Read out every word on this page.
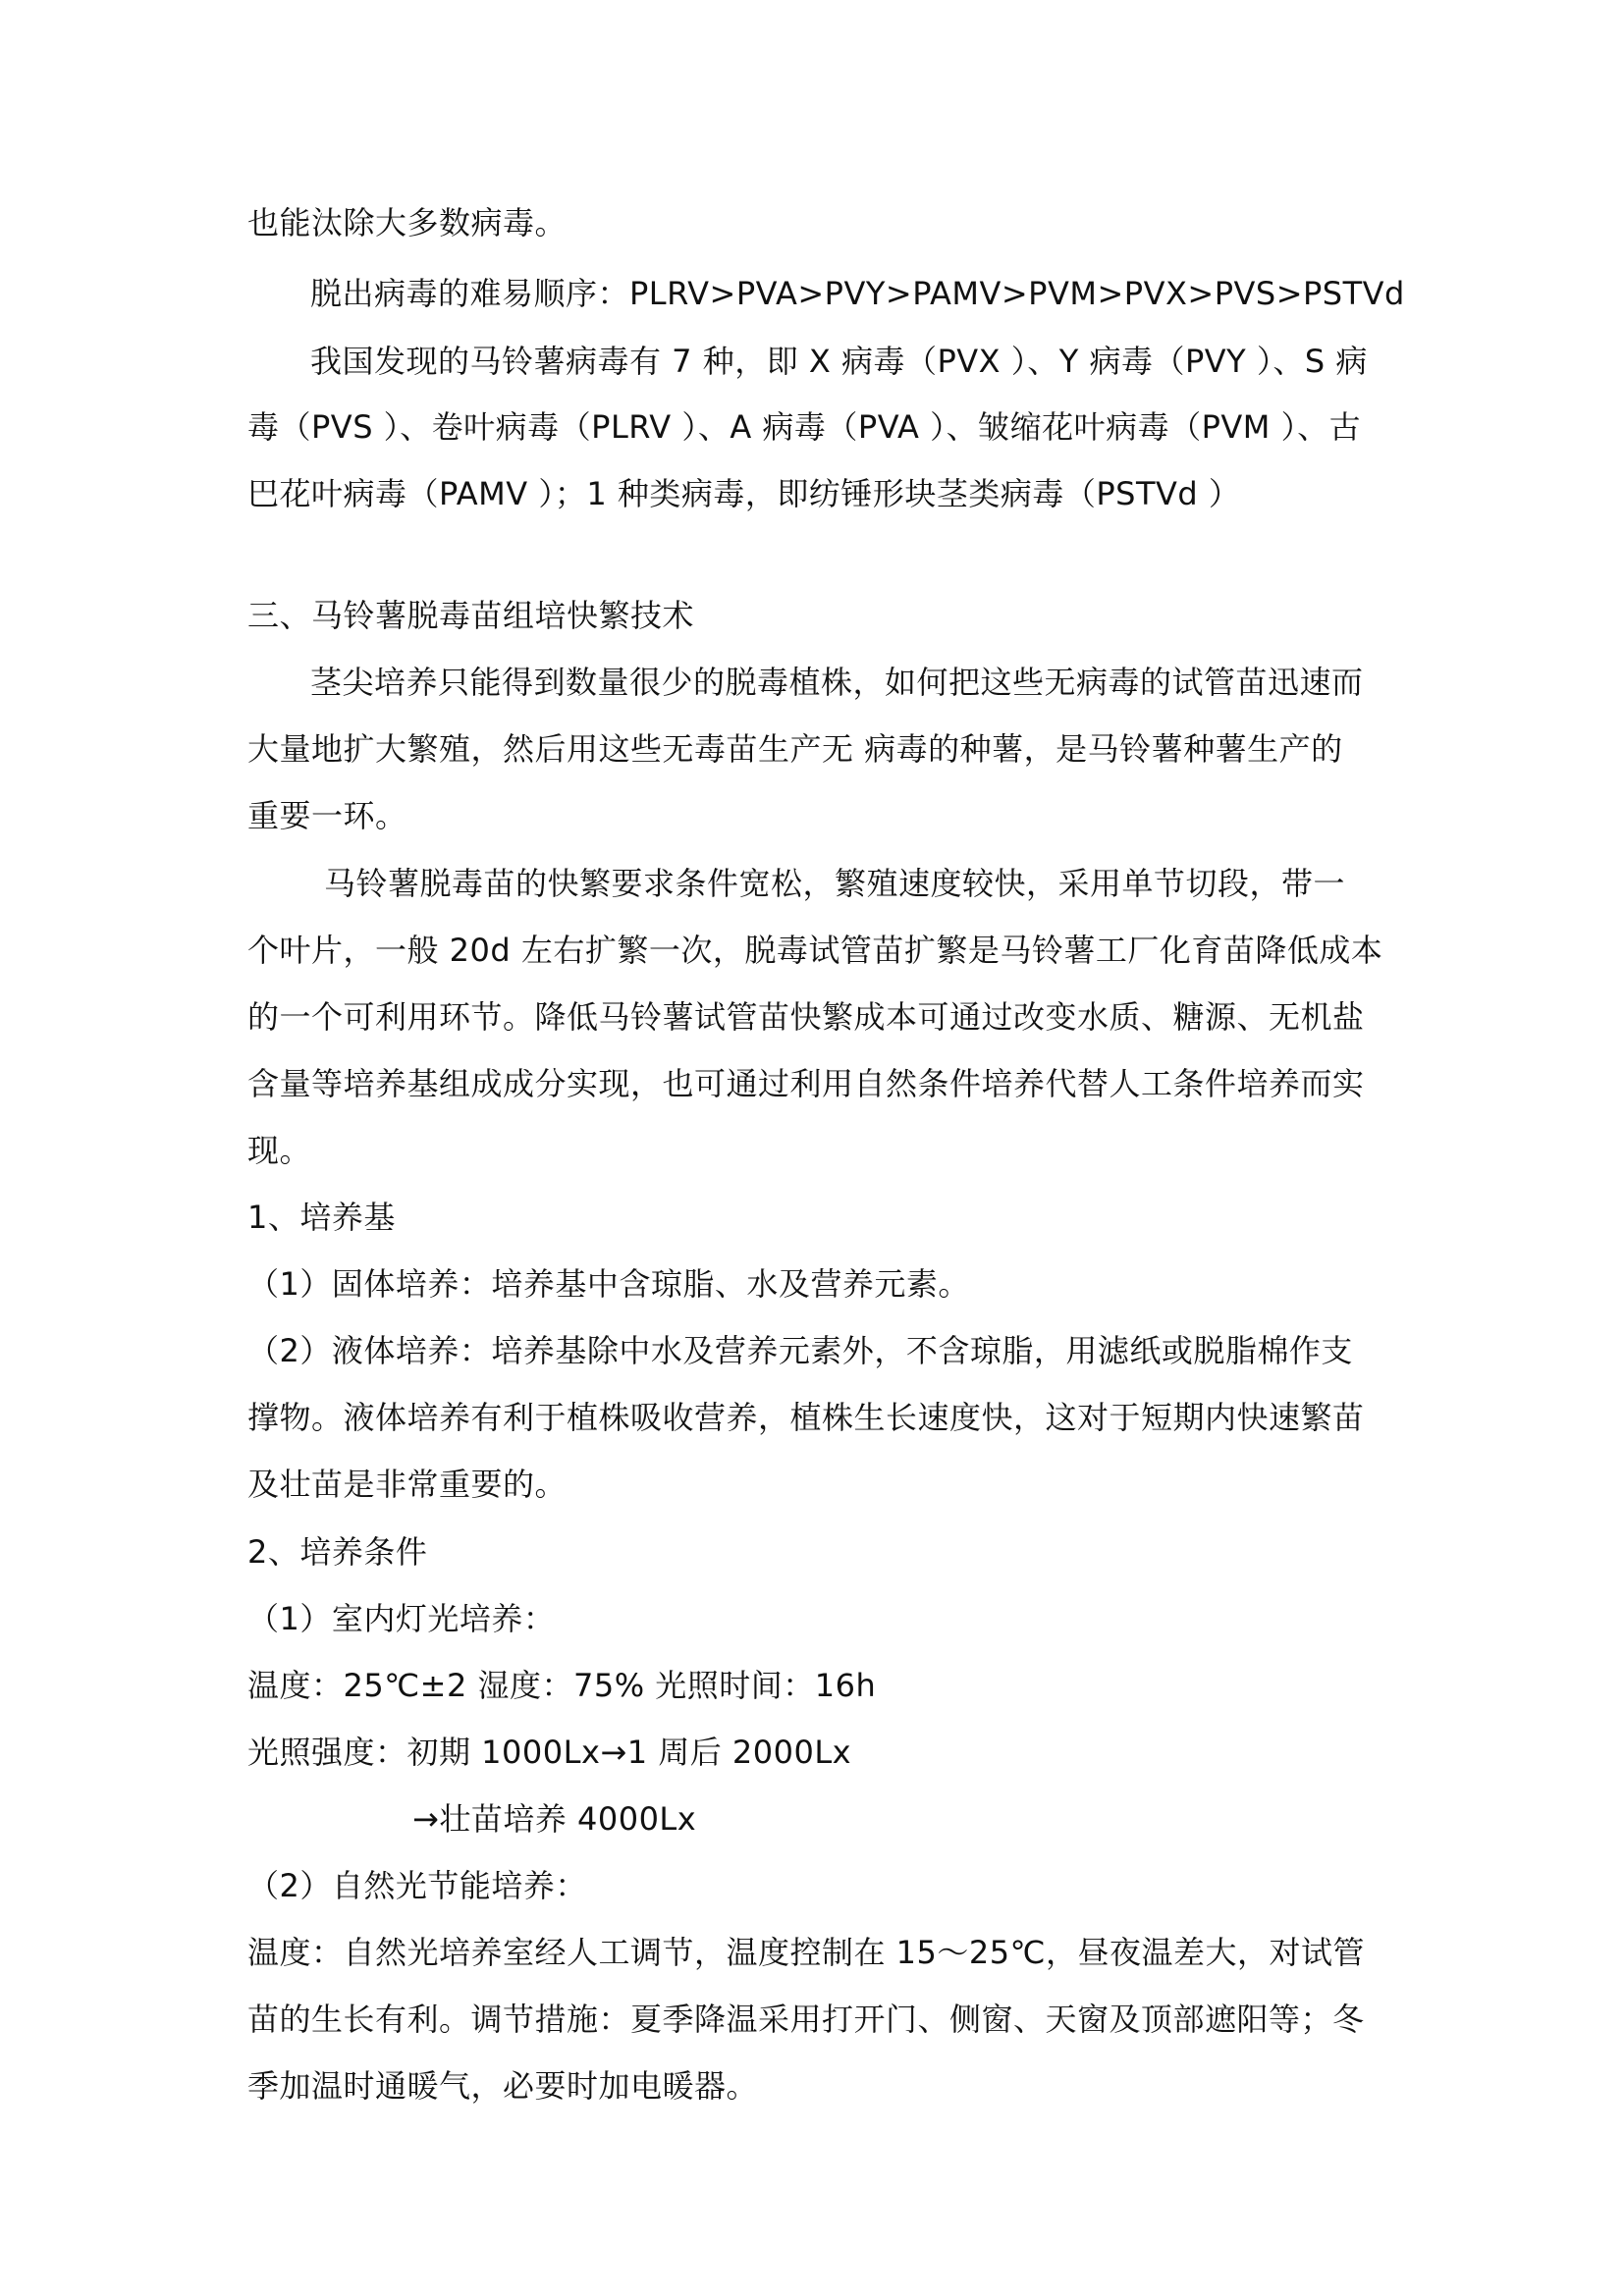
也能汰除大多数病毒。
脱出病毒的难易顺序：PLRV>PVA>PVY>PAMV>PVM>PVX>PVS>PSTVd
我国发现的马铃薯病毒有 7 种，即 X 病毒（PVX ）、Y 病毒（PVY ）、S 病
毒（PVS ）、卷叶病毒（PLRV ）、A 病毒（PVA ）、皱缩花叶病毒（PVM ）、古
巴花叶病毒（PAMV ）；1 种类病毒，即纺锤形块茎类病毒（PSTVd ）
三、马铃薯脱毒苗组培快繁技术
茎尖培养只能得到数量很少的脱毒植株，如何把这些无病毒的试管苗迅速而
大量地扩大繁殖，然后用这些无毒苗生产无 病毒的种薯，是马铃薯种薯生产的
重要一环。
马铃薯脱毒苗的快繁要求条件宽松，繁殖速度较快，采用单节切段，带一
个叶片，一般 20d 左右扩繁一次，脱毒试管苗扩繁是马铃薯工厂化育苗降低成本
的一个可利用环节。降低马铃薯试管苗快繁成本可通过改变水质、糖源、无机盐
含量等培养基组成成分实现，也可通过利用自然条件培养代替人工条件培养而实
现。
1、培养基
（1）固体培养：培养基中含琼脂、水及营养元素。
（2）液体培养：培养基除中水及营养元素外，不含琼脂，用滤纸或脱脂棉作支
撑物。液体培养有利于植株吸收营养，植株生长速度快，这对于短期内快速繁苗
及壮苗是非常重要的。
2、培养条件
（1）室内灯光培养：
温度：25℃±2 湿度：75% 光照时间：16h
光照强度：初期 1000Lx→1 周后 2000Lx
→壮苗培养 4000Lx
（2）自然光节能培养：
温度：自然光培养室经人工调节，温度控制在 15～25℃，昼夜温差大，对试管
苗的生长有利。调节措施：夏季降温采用打开门、侧窗、天窗及顶部遮阳等；冬
季加温时通暖气，必要时加电暖器。
